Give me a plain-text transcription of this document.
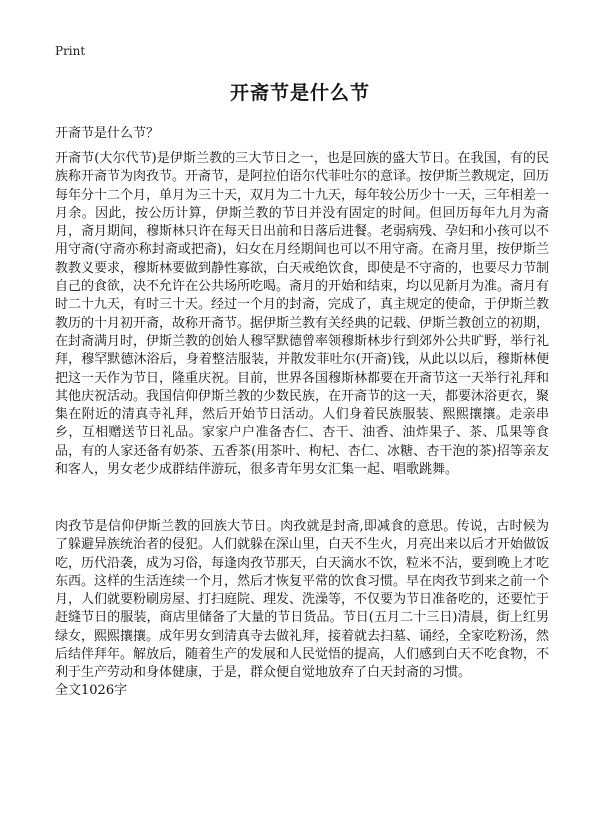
Print
开斋节是什么节
开斋节是什么节？
开斋节(大尔代节)是伊斯兰教的三大节日之一，也是回族的盛大节日。在我国，有的民族称开斋节为肉孜节。开斋节，是阿拉伯语尔代菲吐尔的意译。按伊斯兰教规定，回历每年分十二个月，单月为三十天，双月为二十九天，每年较公历少十一天，三年相差一月余。因此，按公历计算，伊斯兰教的节日并没有固定的时间。但回历每年九月为斋月，斋月期间，穆斯林只许在每天日出前和日落后进餐。老弱病残、孕妇和小孩可以不用守斋(守斋亦称封斋或把斋)，妇女在月经期间也可以不用守斋。在斋月里，按伊斯兰教教义要求，穆斯林要做到静性寡欲，白天戒绝饮食，即使是不守斋的，也要尽力节制自己的食欲，决不允许在公共场所吃喝。斋月的开始和结束，均以见新月为准。斋月有时二十九天，有时三十天。经过一个月的封斋，完成了，真主规定的使命，于伊斯兰教教历的十月初开斋，故称开斋节。据伊斯兰教有关经典的记载、伊斯兰教创立的初期，在封斋满月时，伊斯兰教的创始人穆罕默德曾率领穆斯林步行到郊外公共旷野，举行礼拜，穆罕默德沐浴后，身着整洁服装，并散发菲吐尔(开斋)钱，从此以以后，穆斯林便把这一天作为节日，隆重庆祝。目前，世界各国穆斯林都要在开斋节这一天举行礼拜和其他庆祝活动。我国信仰伊斯兰教的少数民族，在开斋节的这一天，都要沐浴更衣，聚集在附近的清真寺礼拜，然后开始节日活动。人们身着民族服装、熙熙攘攘。走亲串乡，互相赠送节日礼品。家家户户准备杏仁、杏干、油香、油炸果子、茶、瓜果等食品，有的人家还备有奶茶、五香茶(用茶叶、枸杞、杏仁、冰糖、杏干泡的茶)招等亲友和客人，男女老少成群结伴游玩，很多青年男女汇集一起、唱歌跳舞。
肉孜节是信仰伊斯兰教的回族大节日。肉孜就是封斋,即减食的意思。传说，古时候为了躲避异族统治者的侵犯。人们就躲在深山里，白天不生火，月亮出来以后才开始做饭吃，历代沿袭，成为习俗，每逢肉孜节那天，白天滴水不饮，粒米不沾，要到晚上才吃东西。这样的生活连续一个月，然后才恢复平常的饮食习惯。早在肉孜节到来之前一个月，人们就要粉刷房屋、打扫庭院、理发、洗澡等，不仅要为节日准备吃的，还要忙于赶缝节日的服装，商店里储备了大量的节日货品。节日(五月二十三日)清晨，街上红男绿女，熙熙攘攘。成年男女到清真寺去做礼拜，接着就去扫墓、诵经，全家吃粉汤，然后结伴拜年。解放后，随着生产的发展和人民觉悟的提高，人们感到白天不吃食物，不利于生产劳动和身体健康，于是，群众便自觉地放弃了白天封斋的习惯。
全文1026字
